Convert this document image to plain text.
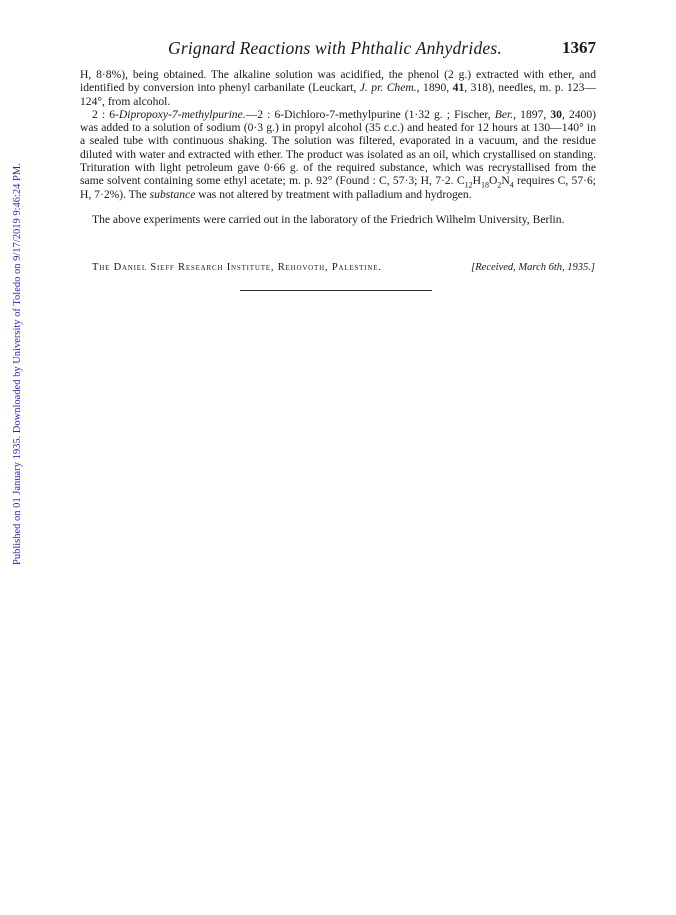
Published on 01 January 1935. Downloaded by University of Toledo on 9/17/2019 9:46:24 PM.
Grignard Reactions with Phthalic Anhydrides.	1367

H, 8·8%), being obtained. The alkaline solution was acidified, the phenol (2 g.) extracted with ether, and identified by conversion into phenyl carbanilate (Leuckart, J. pr. Chem., 1890, 41, 318), needles, m. p. 123—124°, from alcohol.

2 : 6-Dipropoxy-7-methylpurine.—2 : 6-Dichloro-7-methylpurine (1·32 g. ; Fischer, Ber., 1897, 30, 2400) was added to a solution of sodium (0·3 g.) in propyl alcohol (35 c.c.) and heated for 12 hours at 130—140° in a sealed tube with continuous shaking. The solution was filtered, evaporated in a vacuum, and the residue diluted with water and extracted with ether. The product was isolated as an oil, which crystallised on standing. Trituration with light petroleum gave 0·66 g. of the required substance, which was recrystallised from the same solvent containing some ethyl acetate; m. p. 92° (Found : C, 57·3; H, 7·2. $C_{12}H_{18}O_2N_4$ requires C, 57·6; H, 7·2%). The substance was not altered by treatment with palladium and hydrogen.

The above experiments were carried out in the laboratory of the Friedrich Wilhelm University, Berlin.

The Daniel Sieff Research Institute, Rehovoth, Palestine.	[Received, March 6th, 1935.]
